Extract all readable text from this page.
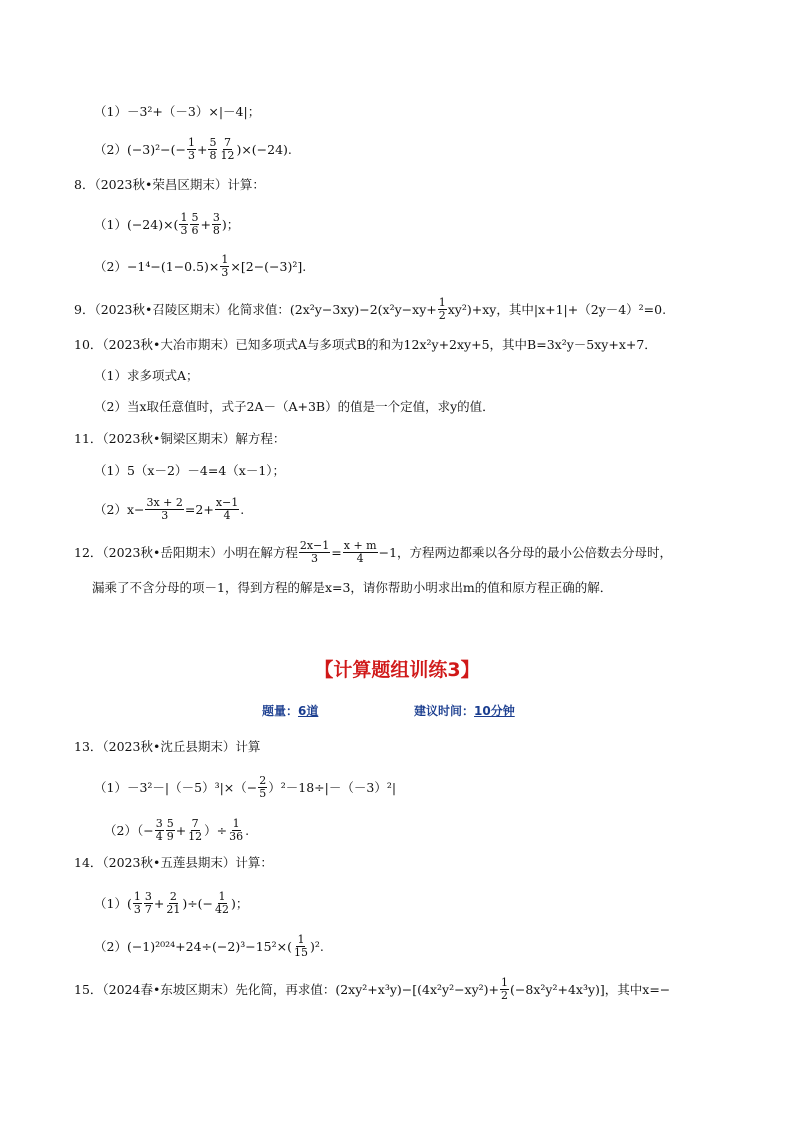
（1）－3²+（－3）×|－4|；
$(2)(-3)^2-(- \frac{1}{3} + \frac{5}{8} \frac{7}{12} )\times(-24)$.
8．（2023秋•荣昌区期末）计算：
$(1)(-24)\times( \frac{1}{3} \frac{5}{6} + \frac{3}{8}$ )；
$(2)-1^4-(1-0.5)\times \frac{1}{3} \times[2-(-3)^2]$.
9．（2023秋•召陵区期末）化简求值：$(2x^2y-3xy)-2(x^2y-xy+ \frac{1}{2} xy^2)+xy$，其中|x+1|+（2y－4）²=0.
10．（2023秋•大冶市期末）已知多项式A与多项式B的和为12x²y+2xy+5，其中B=3x²y－5xy+x+7．
（1）求多项式A；
（2）当x取任意值时，式子2A－（A+3B）的值是一个定值，求y的值．
11．（2023秋•铜梁区期末）解方程：
（1）5（x－2）－4=4（x－1）；
$(2)x- \frac{3x + 2}{3} =2+ \frac{x-1}{4}$ .
12．（2023秋•岳阳期末）小明在解方程 $\frac{2x-1}{3} = \frac{x + m}{4} -1$，方程两边都乘以各分母的最小公倍数去分母时，
漏乘了不含分母的项－1，得到方程的解是x=3，请你帮助小明求出m的值和原方程正确的解．
【计算题组训练3】
题量：6道	建议时间：10分钟
13．（2023秋•沈丘县期末）计算
$(1)-3^2-|(-5)^3|\times(- \frac{2}{5} )^2-18\div|-(-3)^2|$
$(2)(- \frac{3}{4} \frac{5}{9} + \frac{7}{12}$ ）÷ $\frac{1}{36}$ .
14．（2023秋•五莲县期末）计算：
$(1)( \frac{1}{3} \frac{3}{7} + \frac{2}{21}$ )÷(− $\frac{1}{42}$ )；
$(2)(-1)^{2024}+24\div(-2)^3-15^2\times( \frac{1}{15} )^2$.
15．（2024春•东坡区期末）先化简，再求值：$(2xy^2+x^3y)-[(4x^2y^2-xy^2)+ \frac{1}{2} (-8x^2y^2+4x^3y)]$，其中x=−
